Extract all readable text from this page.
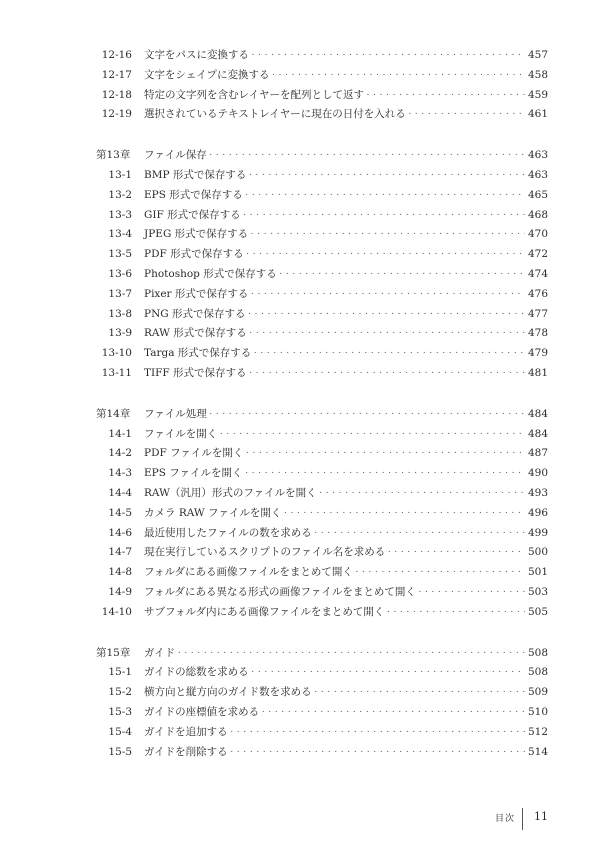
12-16	文字をパスに変換する ・・・・・・・・・・・・・・・・・・・・・・・・・・・・・・・・・・・・・・・・・・・・・・・・・・・・・・・・・・・・・・・・・・・・・・・・・・・・・・・・・・・・・・・・・・・・・・・・・・・・・・・・・・・・・・・・・・・・	457
12-17	文字をシェイプに変換する ・・・・・・・・・・・・・・・・・・・・・・・・・・・・・・・・・・・・・・・・・・・・・・・・・・・・・・・・・・・・・・・・・・・・・・・・・・・・・・・・・・・・・・・・・・・・・・・・・・・・・・・・・・・・・・・・・・・・	458
12-18	特定の文字列を含むレイヤーを配列として返す ・・・・・・・・・・・・・・・・・・・・・・・・・・・・・・・・・・・・・・・・・・・・・・・・・・・・・・・・・・・・・・・・・・・・・・・・・・・・・・・・・・・・・・・・・・・・・・・・・・・・・・・・・・・・・・・・・・・・	459
12-19	選択されているテキストレイヤーに現在の日付を入れる ・・・・・・・・・・・・・・・・・・・・・・・・・・・・・・・・・・・・・・・・・・・・・・・・・・・・・・・・・・・・・・・・・・・・・・・・・・・・・・・・・・・・・・・・・・・・・・・・・・・・・・・・・・・・・・・・・・・・	461
第13章	ファイル保存 ・・・・・・・・・・・・・・・・・・・・・・・・・・・・・・・・・・・・・・・・・・・・・・・・・・・・・・・・・・・・・・・・・・・・・・・・・・・・・・・・・・・・・・・・・・・・・・・・・・・・・・・・・・・・・・・・・・・・	463
13-1	BMP 形式で保存する ・・・・・・・・・・・・・・・・・・・・・・・・・・・・・・・・・・・・・・・・・・・・・・・・・・・・・・・・・・・・・・・・・・・・・・・・・・・・・・・・・・・・・・・・・・・・・・・・・・・・・・・・・・・・・・・・・・・・	463
13-2	EPS 形式で保存する ・・・・・・・・・・・・・・・・・・・・・・・・・・・・・・・・・・・・・・・・・・・・・・・・・・・・・・・・・・・・・・・・・・・・・・・・・・・・・・・・・・・・・・・・・・・・・・・・・・・・・・・・・・・・・・・・・・・・	465
13-3	GIF 形式で保存する ・・・・・・・・・・・・・・・・・・・・・・・・・・・・・・・・・・・・・・・・・・・・・・・・・・・・・・・・・・・・・・・・・・・・・・・・・・・・・・・・・・・・・・・・・・・・・・・・・・・・・・・・・・・・・・・・・・・・	468
13-4	JPEG 形式で保存する ・・・・・・・・・・・・・・・・・・・・・・・・・・・・・・・・・・・・・・・・・・・・・・・・・・・・・・・・・・・・・・・・・・・・・・・・・・・・・・・・・・・・・・・・・・・・・・・・・・・・・・・・・・・・・・・・・・・・	470
13-5	PDF 形式で保存する ・・・・・・・・・・・・・・・・・・・・・・・・・・・・・・・・・・・・・・・・・・・・・・・・・・・・・・・・・・・・・・・・・・・・・・・・・・・・・・・・・・・・・・・・・・・・・・・・・・・・・・・・・・・・・・・・・・・・	472
13-6	Photoshop 形式で保存する ・・・・・・・・・・・・・・・・・・・・・・・・・・・・・・・・・・・・・・・・・・・・・・・・・・・・・・・・・・・・・・・・・・・・・・・・・・・・・・・・・・・・・・・・・・・・・・・・・・・・・・・・・・・・・・・・・・・・	474
13-7	Pixer 形式で保存する ・・・・・・・・・・・・・・・・・・・・・・・・・・・・・・・・・・・・・・・・・・・・・・・・・・・・・・・・・・・・・・・・・・・・・・・・・・・・・・・・・・・・・・・・・・・・・・・・・・・・・・・・・・・・・・・・・・・・	476
13-8	PNG 形式で保存する ・・・・・・・・・・・・・・・・・・・・・・・・・・・・・・・・・・・・・・・・・・・・・・・・・・・・・・・・・・・・・・・・・・・・・・・・・・・・・・・・・・・・・・・・・・・・・・・・・・・・・・・・・・・・・・・・・・・・	477
13-9	RAW 形式で保存する ・・・・・・・・・・・・・・・・・・・・・・・・・・・・・・・・・・・・・・・・・・・・・・・・・・・・・・・・・・・・・・・・・・・・・・・・・・・・・・・・・・・・・・・・・・・・・・・・・・・・・・・・・・・・・・・・・・・・	478
13-10	Targa 形式で保存する ・・・・・・・・・・・・・・・・・・・・・・・・・・・・・・・・・・・・・・・・・・・・・・・・・・・・・・・・・・・・・・・・・・・・・・・・・・・・・・・・・・・・・・・・・・・・・・・・・・・・・・・・・・・・・・・・・・・・	479
13-11	TIFF 形式で保存する ・・・・・・・・・・・・・・・・・・・・・・・・・・・・・・・・・・・・・・・・・・・・・・・・・・・・・・・・・・・・・・・・・・・・・・・・・・・・・・・・・・・・・・・・・・・・・・・・・・・・・・・・・・・・・・・・・・・・	481
第14章	ファイル処理 ・・・・・・・・・・・・・・・・・・・・・・・・・・・・・・・・・・・・・・・・・・・・・・・・・・・・・・・・・・・・・・・・・・・・・・・・・・・・・・・・・・・・・・・・・・・・・・・・・・・・・・・・・・・・・・・・・・・・	484
14-1	ファイルを開く ・・・・・・・・・・・・・・・・・・・・・・・・・・・・・・・・・・・・・・・・・・・・・・・・・・・・・・・・・・・・・・・・・・・・・・・・・・・・・・・・・・・・・・・・・・・・・・・・・・・・・・・・・・・・・・・・・・・・	484
14-2	PDF ファイルを開く ・・・・・・・・・・・・・・・・・・・・・・・・・・・・・・・・・・・・・・・・・・・・・・・・・・・・・・・・・・・・・・・・・・・・・・・・・・・・・・・・・・・・・・・・・・・・・・・・・・・・・・・・・・・・・・・・・・・・	487
14-3	EPS ファイルを開く ・・・・・・・・・・・・・・・・・・・・・・・・・・・・・・・・・・・・・・・・・・・・・・・・・・・・・・・・・・・・・・・・・・・・・・・・・・・・・・・・・・・・・・・・・・・・・・・・・・・・・・・・・・・・・・・・・・・・	490
14-4	RAW（汎用）形式のファイルを開く ・・・・・・・・・・・・・・・・・・・・・・・・・・・・・・・・・・・・・・・・・・・・・・・・・・・・・・・・・・・・・・・・・・・・・・・・・・・・・・・・・・・・・・・・・・・・・・・・・・・・・・・・・・・・・・・・・・・・	493
14-5	カメラ RAW ファイルを開く ・・・・・・・・・・・・・・・・・・・・・・・・・・・・・・・・・・・・・・・・・・・・・・・・・・・・・・・・・・・・・・・・・・・・・・・・・・・・・・・・・・・・・・・・・・・・・・・・・・・・・・・・・・・・・・・・・・・・	496
14-6	最近使用したファイルの数を求める ・・・・・・・・・・・・・・・・・・・・・・・・・・・・・・・・・・・・・・・・・・・・・・・・・・・・・・・・・・・・・・・・・・・・・・・・・・・・・・・・・・・・・・・・・・・・・・・・・・・・・・・・・・・・・・・・・・・・	499
14-7	現在実行しているスクリプトのファイル名を求める ・・・・・・・・・・・・・・・・・・・・・・・・・・・・・・・・・・・・・・・・・・・・・・・・・・・・・・・・・・・・・・・・・・・・・・・・・・・・・・・・・・・・・・・・・・・・・・・・・・・・・・・・・・・・・・・・・・・・	500
14-8	フォルダにある画像ファイルをまとめて開く ・・・・・・・・・・・・・・・・・・・・・・・・・・・・・・・・・・・・・・・・・・・・・・・・・・・・・・・・・・・・・・・・・・・・・・・・・・・・・・・・・・・・・・・・・・・・・・・・・・・・・・・・・・・・・・・・・・・・	501
14-9	フォルダにある異なる形式の画像ファイルをまとめて開く ・・・・・・・・・・・・・・・・・・・・・・・・・・・・・・・・・・・・・・・・・・・・・・・・・・・・・・・・・・・・・・・・・・・・・・・・・・・・・・・・・・・・・・・・・・・・・・・・・・・・・・・・・・・・・・・・・・・・	503
14-10	サブフォルダ内にある画像ファイルをまとめて開く ・・・・・・・・・・・・・・・・・・・・・・・・・・・・・・・・・・・・・・・・・・・・・・・・・・・・・・・・・・・・・・・・・・・・・・・・・・・・・・・・・・・・・・・・・・・・・・・・・・・・・・・・・・・・・・・・・・・・	505
第15章	ガイド ・・・・・・・・・・・・・・・・・・・・・・・・・・・・・・・・・・・・・・・・・・・・・・・・・・・・・・・・・・・・・・・・・・・・・・・・・・・・・・・・・・・・・・・・・・・・・・・・・・・・・・・・・・・・・・・・・・・・	508
15-1	ガイドの総数を求める ・・・・・・・・・・・・・・・・・・・・・・・・・・・・・・・・・・・・・・・・・・・・・・・・・・・・・・・・・・・・・・・・・・・・・・・・・・・・・・・・・・・・・・・・・・・・・・・・・・・・・・・・・・・・・・・・・・・・	508
15-2	横方向と縦方向のガイド数を求める ・・・・・・・・・・・・・・・・・・・・・・・・・・・・・・・・・・・・・・・・・・・・・・・・・・・・・・・・・・・・・・・・・・・・・・・・・・・・・・・・・・・・・・・・・・・・・・・・・・・・・・・・・・・・・・・・・・・・	509
15-3	ガイドの座標値を求める ・・・・・・・・・・・・・・・・・・・・・・・・・・・・・・・・・・・・・・・・・・・・・・・・・・・・・・・・・・・・・・・・・・・・・・・・・・・・・・・・・・・・・・・・・・・・・・・・・・・・・・・・・・・・・・・・・・・・	510
15-4	ガイドを追加する ・・・・・・・・・・・・・・・・・・・・・・・・・・・・・・・・・・・・・・・・・・・・・・・・・・・・・・・・・・・・・・・・・・・・・・・・・・・・・・・・・・・・・・・・・・・・・・・・・・・・・・・・・・・・・・・・・・・・	512
15-5	ガイドを削除する ・・・・・・・・・・・・・・・・・・・・・・・・・・・・・・・・・・・・・・・・・・・・・・・・・・・・・・・・・・・・・・・・・・・・・・・・・・・・・・・・・・・・・・・・・・・・・・・・・・・・・・・・・・・・・・・・・・・・	514
目次 11
